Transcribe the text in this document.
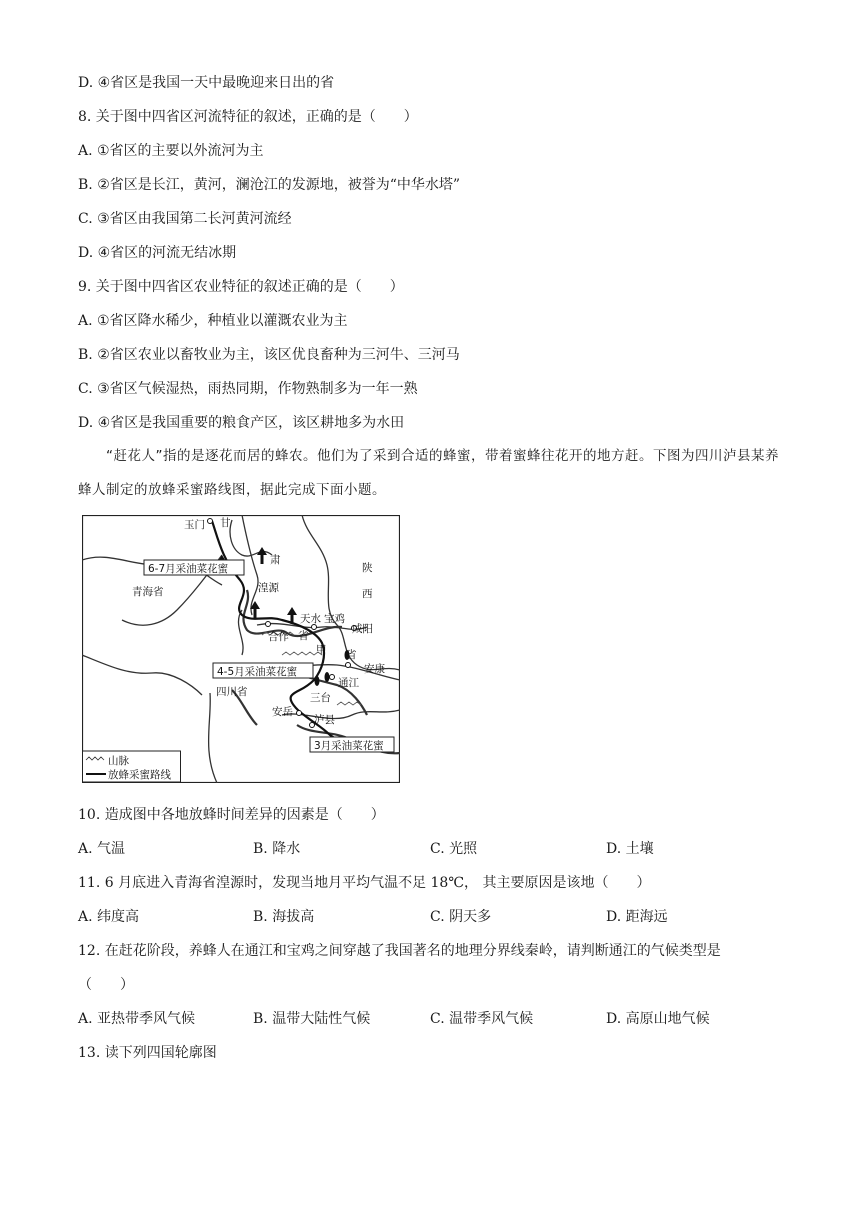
D. ④省区是我国一天中最晚迎来日出的省
8. 关于图中四省区河流特征的叙述，正确的是（　　）
A. ①省区的主要以外流河为主
B. ②省区是长江，黄河，澜沧江的发源地，被誉为“中华水塔”
C. ③省区由我国第二长河黄河流经
D. ④省区的河流无结冰期
9. 关于图中四省区农业特征的叙述正确的是（　　）
A. ①省区降水稀少，种植业以灌溉农业为主
B. ②省区农业以畜牧业为主，该区优良畜种为三河牛、三河马
C. ③省区气候湿热，雨热同期，作物熟制多为一年一熟
D. ④省区是我国重要的粮食产区，该区耕地多为水田
“赶花人”指的是逐花而居的蜂农。他们为了采到合适的蜂蜜，带着蜜蜂往花开的地方赶。下图为四川泸县某养蜂人制定的放蜂采蜜路线图，据此完成下面小题。
玉门 甘
肃
湟源
青海省
陕
西
合作
天水 宝鸡
咸阳
省
甲 省
安康
通江
三台
四川省
安岳
泸县
6-7月采油菜花蜜
4-5月采油菜花蜜
3月采油菜花蜜
山脉
放蜂采蜜路线
10. 造成图中各地放蜂时间差异的因素是（　　）
A. 气温	B. 降水	C. 光照	D. 土壤
11. 6 月底进入青海省湟源时，发现当地月平均气温不足 18℃， 其主要原因是该地（　　）
A. 纬度高	B. 海拔高	C. 阴天多	D. 距海远
12. 在赶花阶段，养蜂人在通江和宝鸡之间穿越了我国著名的地理分界线秦岭，请判断通江的气候类型是
（　　）
A. 亚热带季风气候	B. 温带大陆性气候	C. 温带季风气候	D. 高原山地气候
13. 读下列四国轮廓图
